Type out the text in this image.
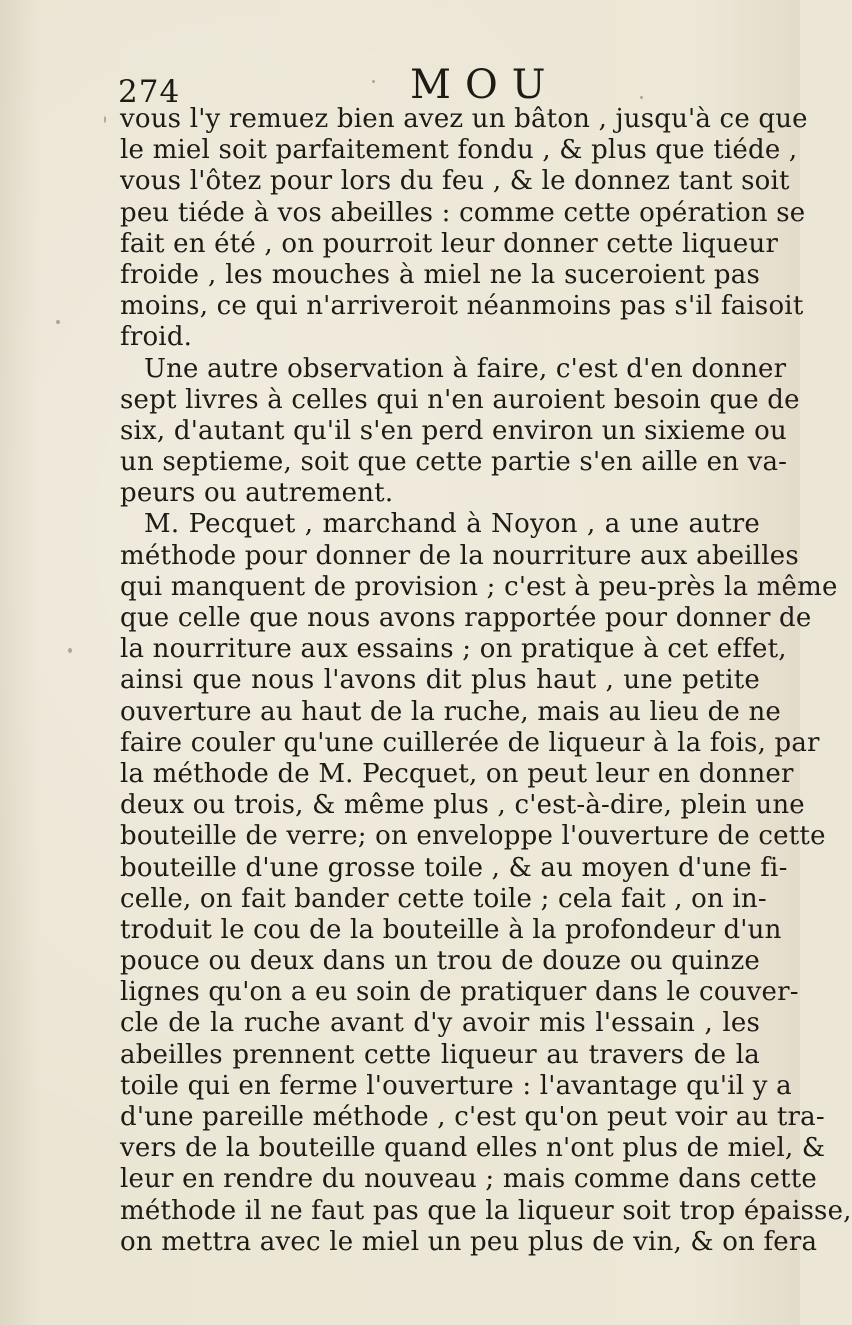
274	MOU
vous l'y remuez bien avez un bâton , jusqu'à ce que
le miel soit parfaitement fondu , & plus que tiéde ,
vous l'ôtez pour lors du feu , & le donnez tant soit
peu tiéde à vos abeilles : comme cette opération se
fait en été , on pourroit leur donner cette liqueur
froide , les mouches à miel ne la suceroient pas
moins, ce qui n'arriveroit néanmoins pas s'il faisoit
froid.
Une autre observation à faire, c'est d'en donner
sept livres à celles qui n'en auroient besoin que de
six, d'autant qu'il s'en perd environ un sixieme ou
un septieme, soit que cette partie s'en aille en va-
peurs ou autrement.
M. Pecquet , marchand à Noyon , a une autre
méthode pour donner de la nourriture aux abeilles
qui manquent de provision ; c'est à peu-près la même
que celle que nous avons rapportée pour donner de
la nourriture aux essains ; on pratique à cet effet,
ainsi que nous l'avons dit plus haut , une petite
ouverture au haut de la ruche, mais au lieu de ne
faire couler qu'une cuillerée de liqueur à la fois, par
la méthode de M. Pecquet, on peut leur en donner
deux ou trois, & même plus , c'est-à-dire, plein une
bouteille de verre; on enveloppe l'ouverture de cette
bouteille d'une grosse toile , & au moyen d'une fi-
celle, on fait bander cette toile ; cela fait , on in-
troduit le cou de la bouteille à la profondeur d'un
pouce ou deux dans un trou de douze ou quinze
lignes qu'on a eu soin de pratiquer dans le couver-
cle de la ruche avant d'y avoir mis l'essain , les
abeilles prennent cette liqueur au travers de la
toile qui en ferme l'ouverture : l'avantage qu'il y a
d'une pareille méthode , c'est qu'on peut voir au tra-
vers de la bouteille quand elles n'ont plus de miel, &
leur en rendre du nouveau ; mais comme dans cette
méthode il ne faut pas que la liqueur soit trop épaisse,
on mettra avec le miel un peu plus de vin, & on fera
